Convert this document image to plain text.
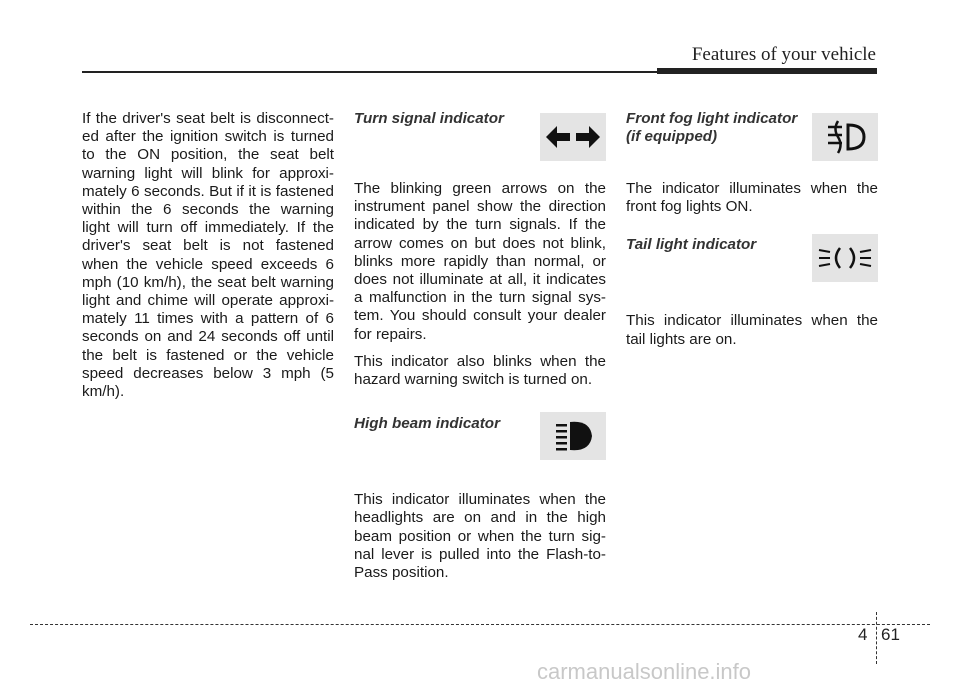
Features of your vehicle

If the driver's seat belt is disconnect-ed after the ignition switch is turned to the ON position, the seat belt warning light will blink for approxi-mately 6 seconds. But if it is fastened within the 6 seconds the warning light will turn off immediately. If the driver's seat belt is not fastened when the vehicle speed exceeds 6 mph (10 km/h), the seat belt warning light and chime will operate approxi-mately 11 times with a pattern of 6 seconds on and 24 seconds off until the belt is fastened or the vehicle speed decreases below 3 mph (5 km/h).

Turn signal indicator

The blinking green arrows on the instrument panel show the direction indicated by the turn signals. If the arrow comes on but does not blink, blinks more rapidly than normal, or does not illuminate at all, it indicates a malfunction in the turn signal sys-tem. You should consult your dealer for repairs.

This indicator also blinks when the hazard warning switch is turned on.

High beam indicator

This indicator illuminates when the headlights are on and in the high beam position or when the turn sig-nal lever is pulled into the Flash-to-Pass position.

Front fog light indicator

(if equipped)

The indicator illuminates when the front fog lights ON.

Tail light indicator

This indicator illuminates when the tail lights are on.

4 61
carmanualsonline.info
